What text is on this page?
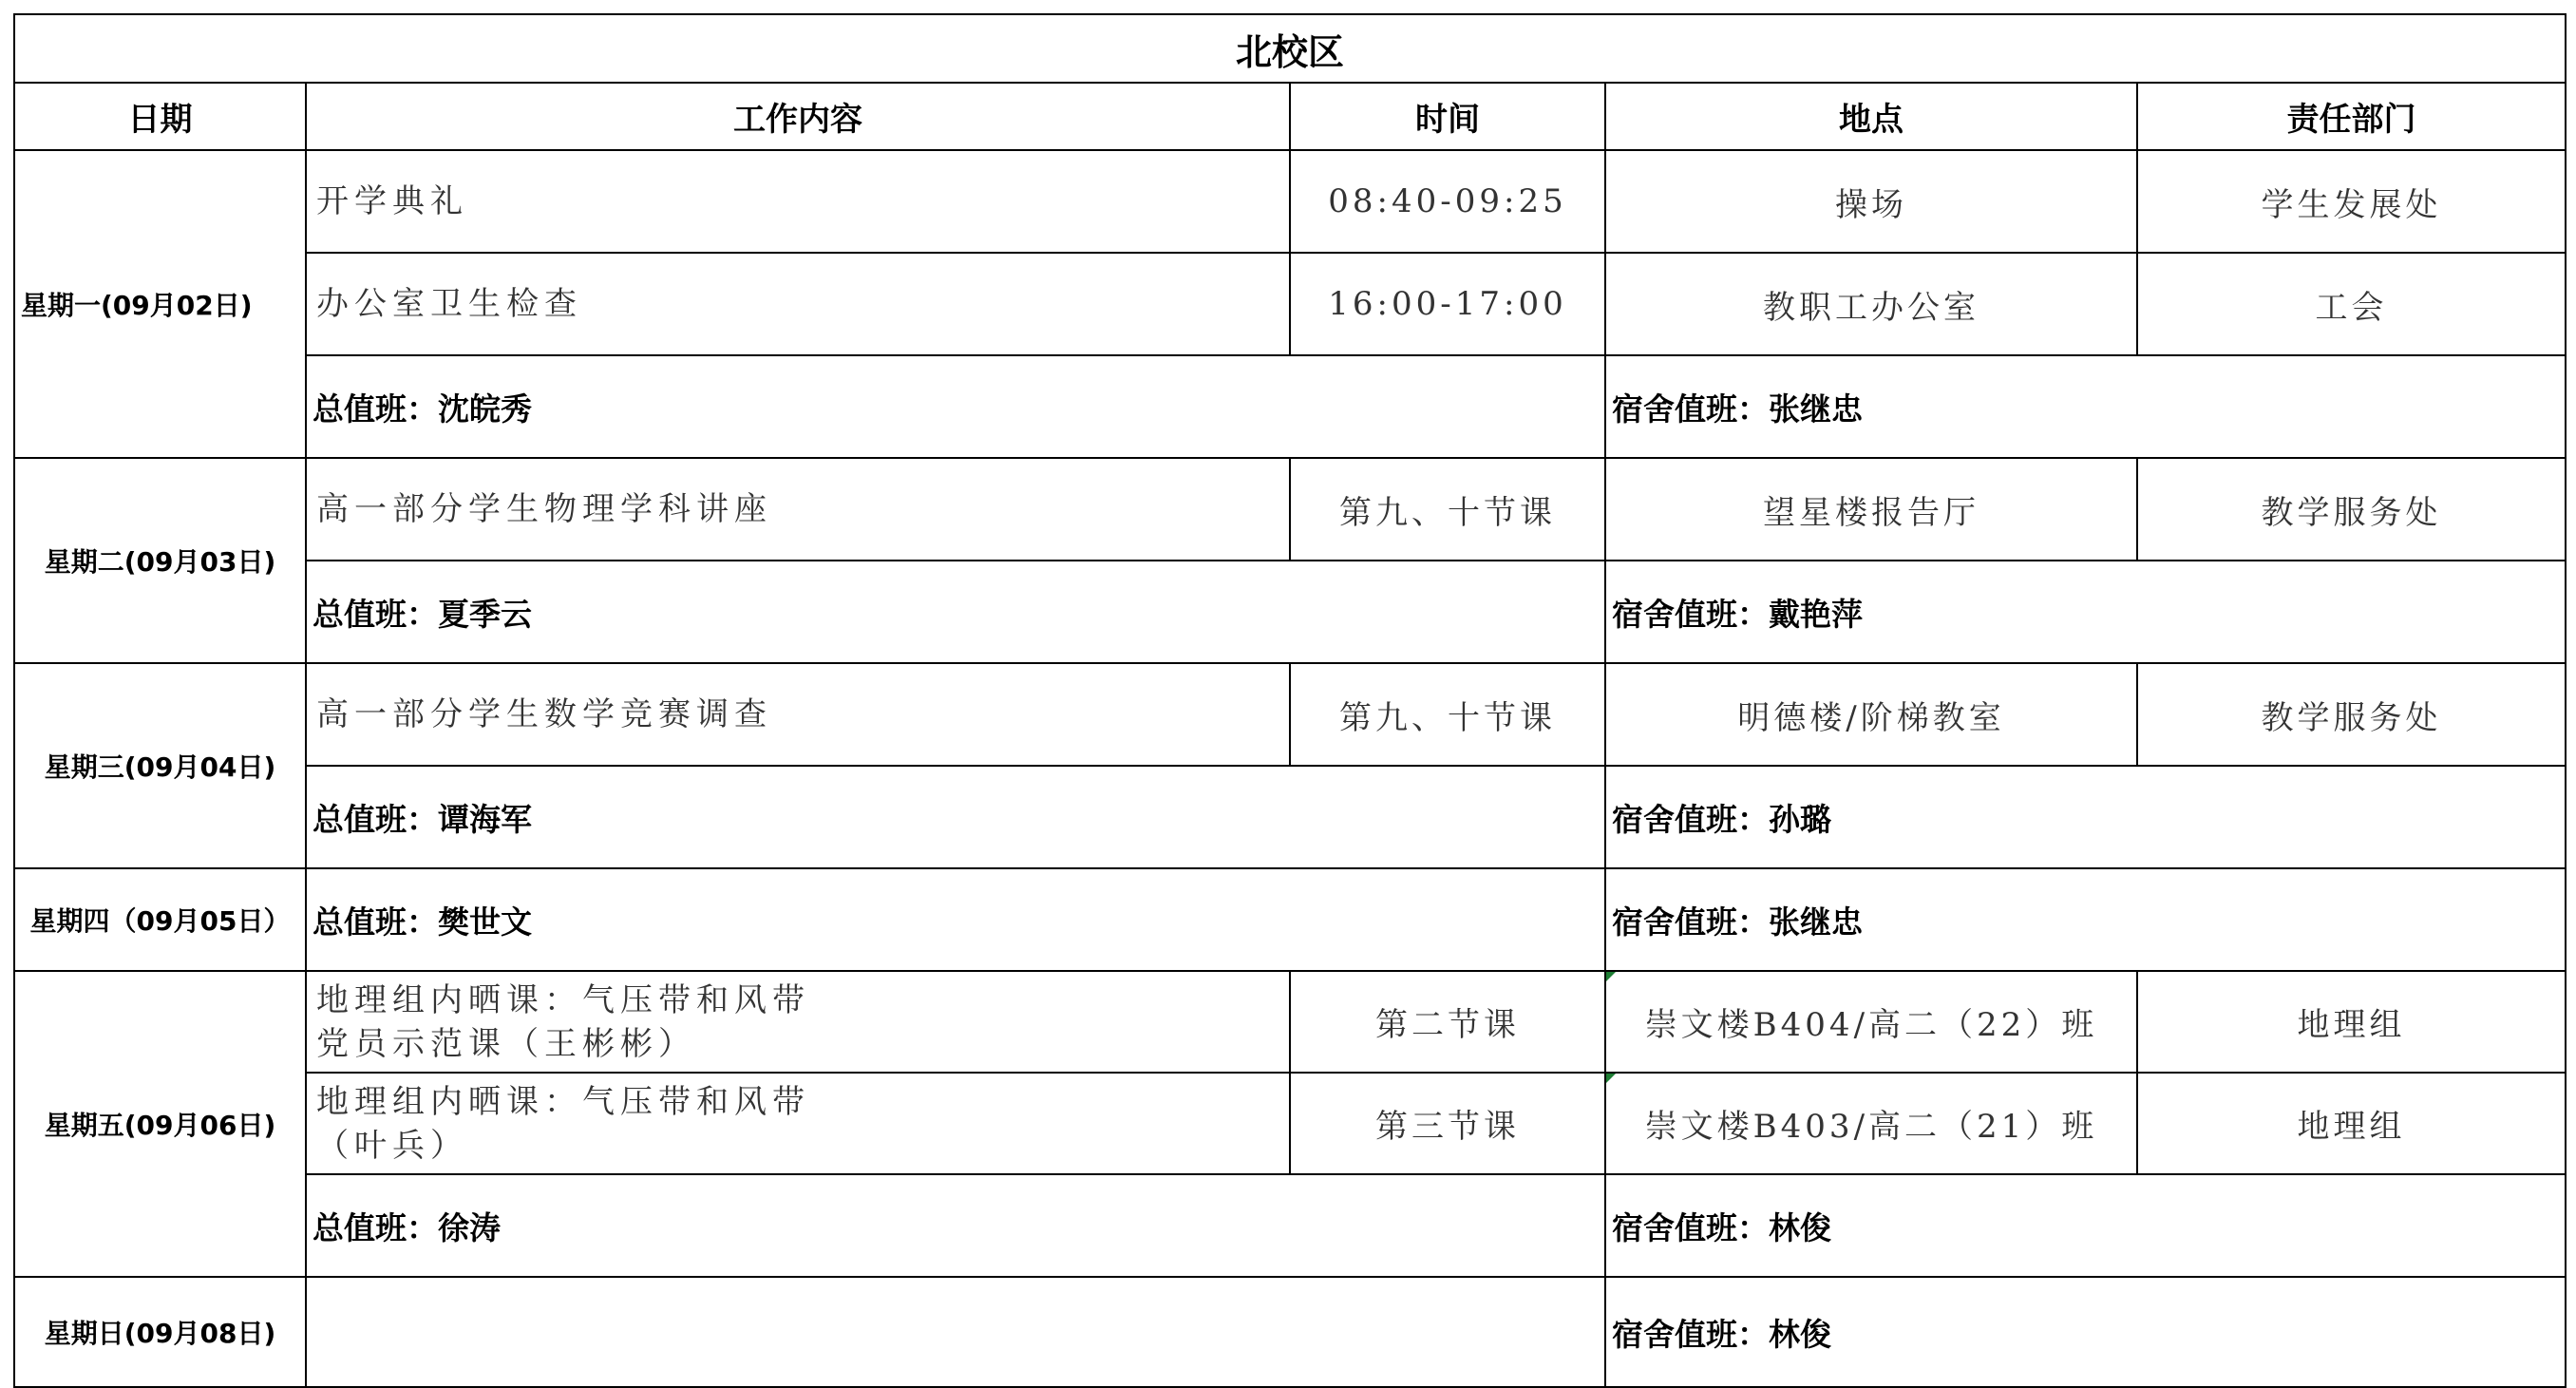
北校区				
日期	工作内容	时间	地点	责任部门
星期一(09月02日)	开学典礼	08:40-09:25	操场	学生发展处
	办公室卫生检查	16:00-17:00	教职工办公室	工会
	总值班：沈皖秀		宿舍值班：张继忠	
星期二(09月03日)	高一部分学生物理学科讲座	第九、十节课	望星楼报告厅	教学服务处
	总值班：夏季云		宿舍值班：戴艳萍	
星期三(09月04日)	高一部分学生数学竞赛调查	第九、十节课	明德楼/阶梯教室	教学服务处
	总值班：谭海军		宿舍值班：孙璐	
星期四（09月05日）	总值班：樊世文		宿舍值班：张继忠	
星期五(09月06日)	地理组内晒课：气压带和风带
党员示范课（王彬彬）	第二节课	崇文楼B404/高二（22）班	地理组

	地理组内晒课：气压带和风带
（叶兵）	第三节课	崇文楼B403/高二（21）班	地理组
	总值班：徐涛		宿舍值班：林俊	
星期日(09月08日)			宿舍值班：林俊	
